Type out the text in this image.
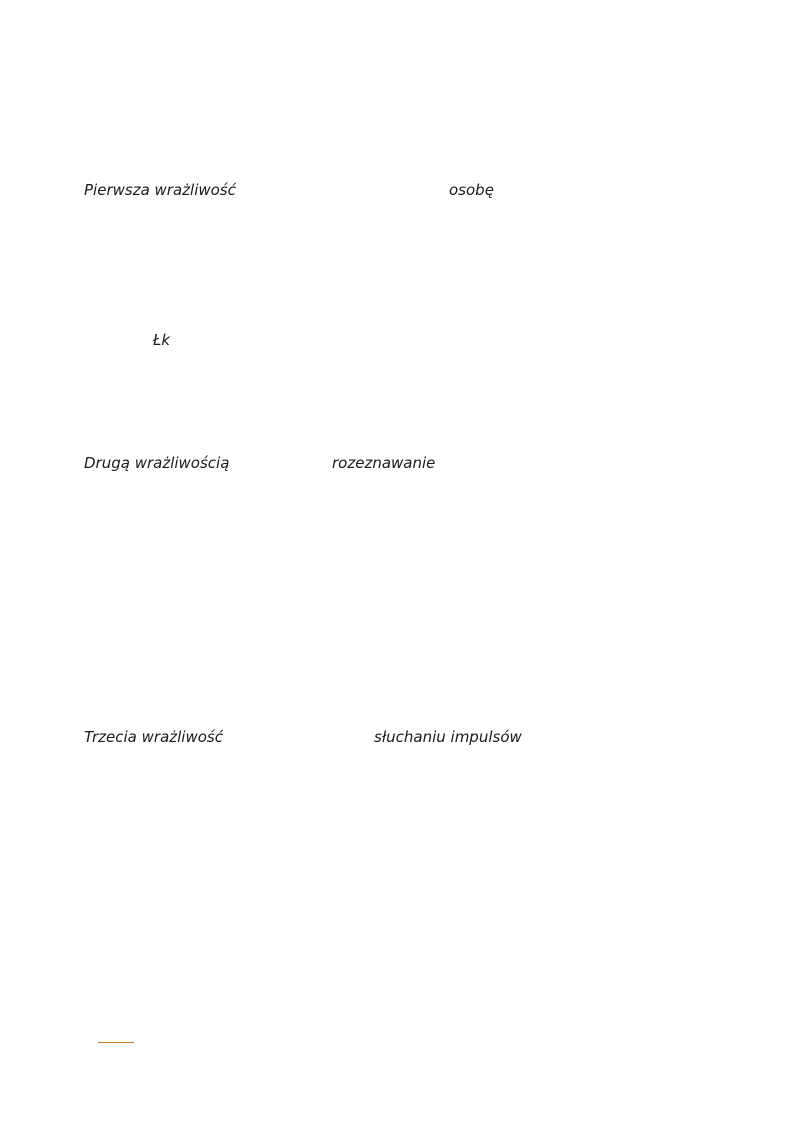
Pierwsza wrażliwość	osobę
Łk
Drugą wrażliwością	rozeznawanie
Trzecia wrażliwość	słuchaniu impulsów
